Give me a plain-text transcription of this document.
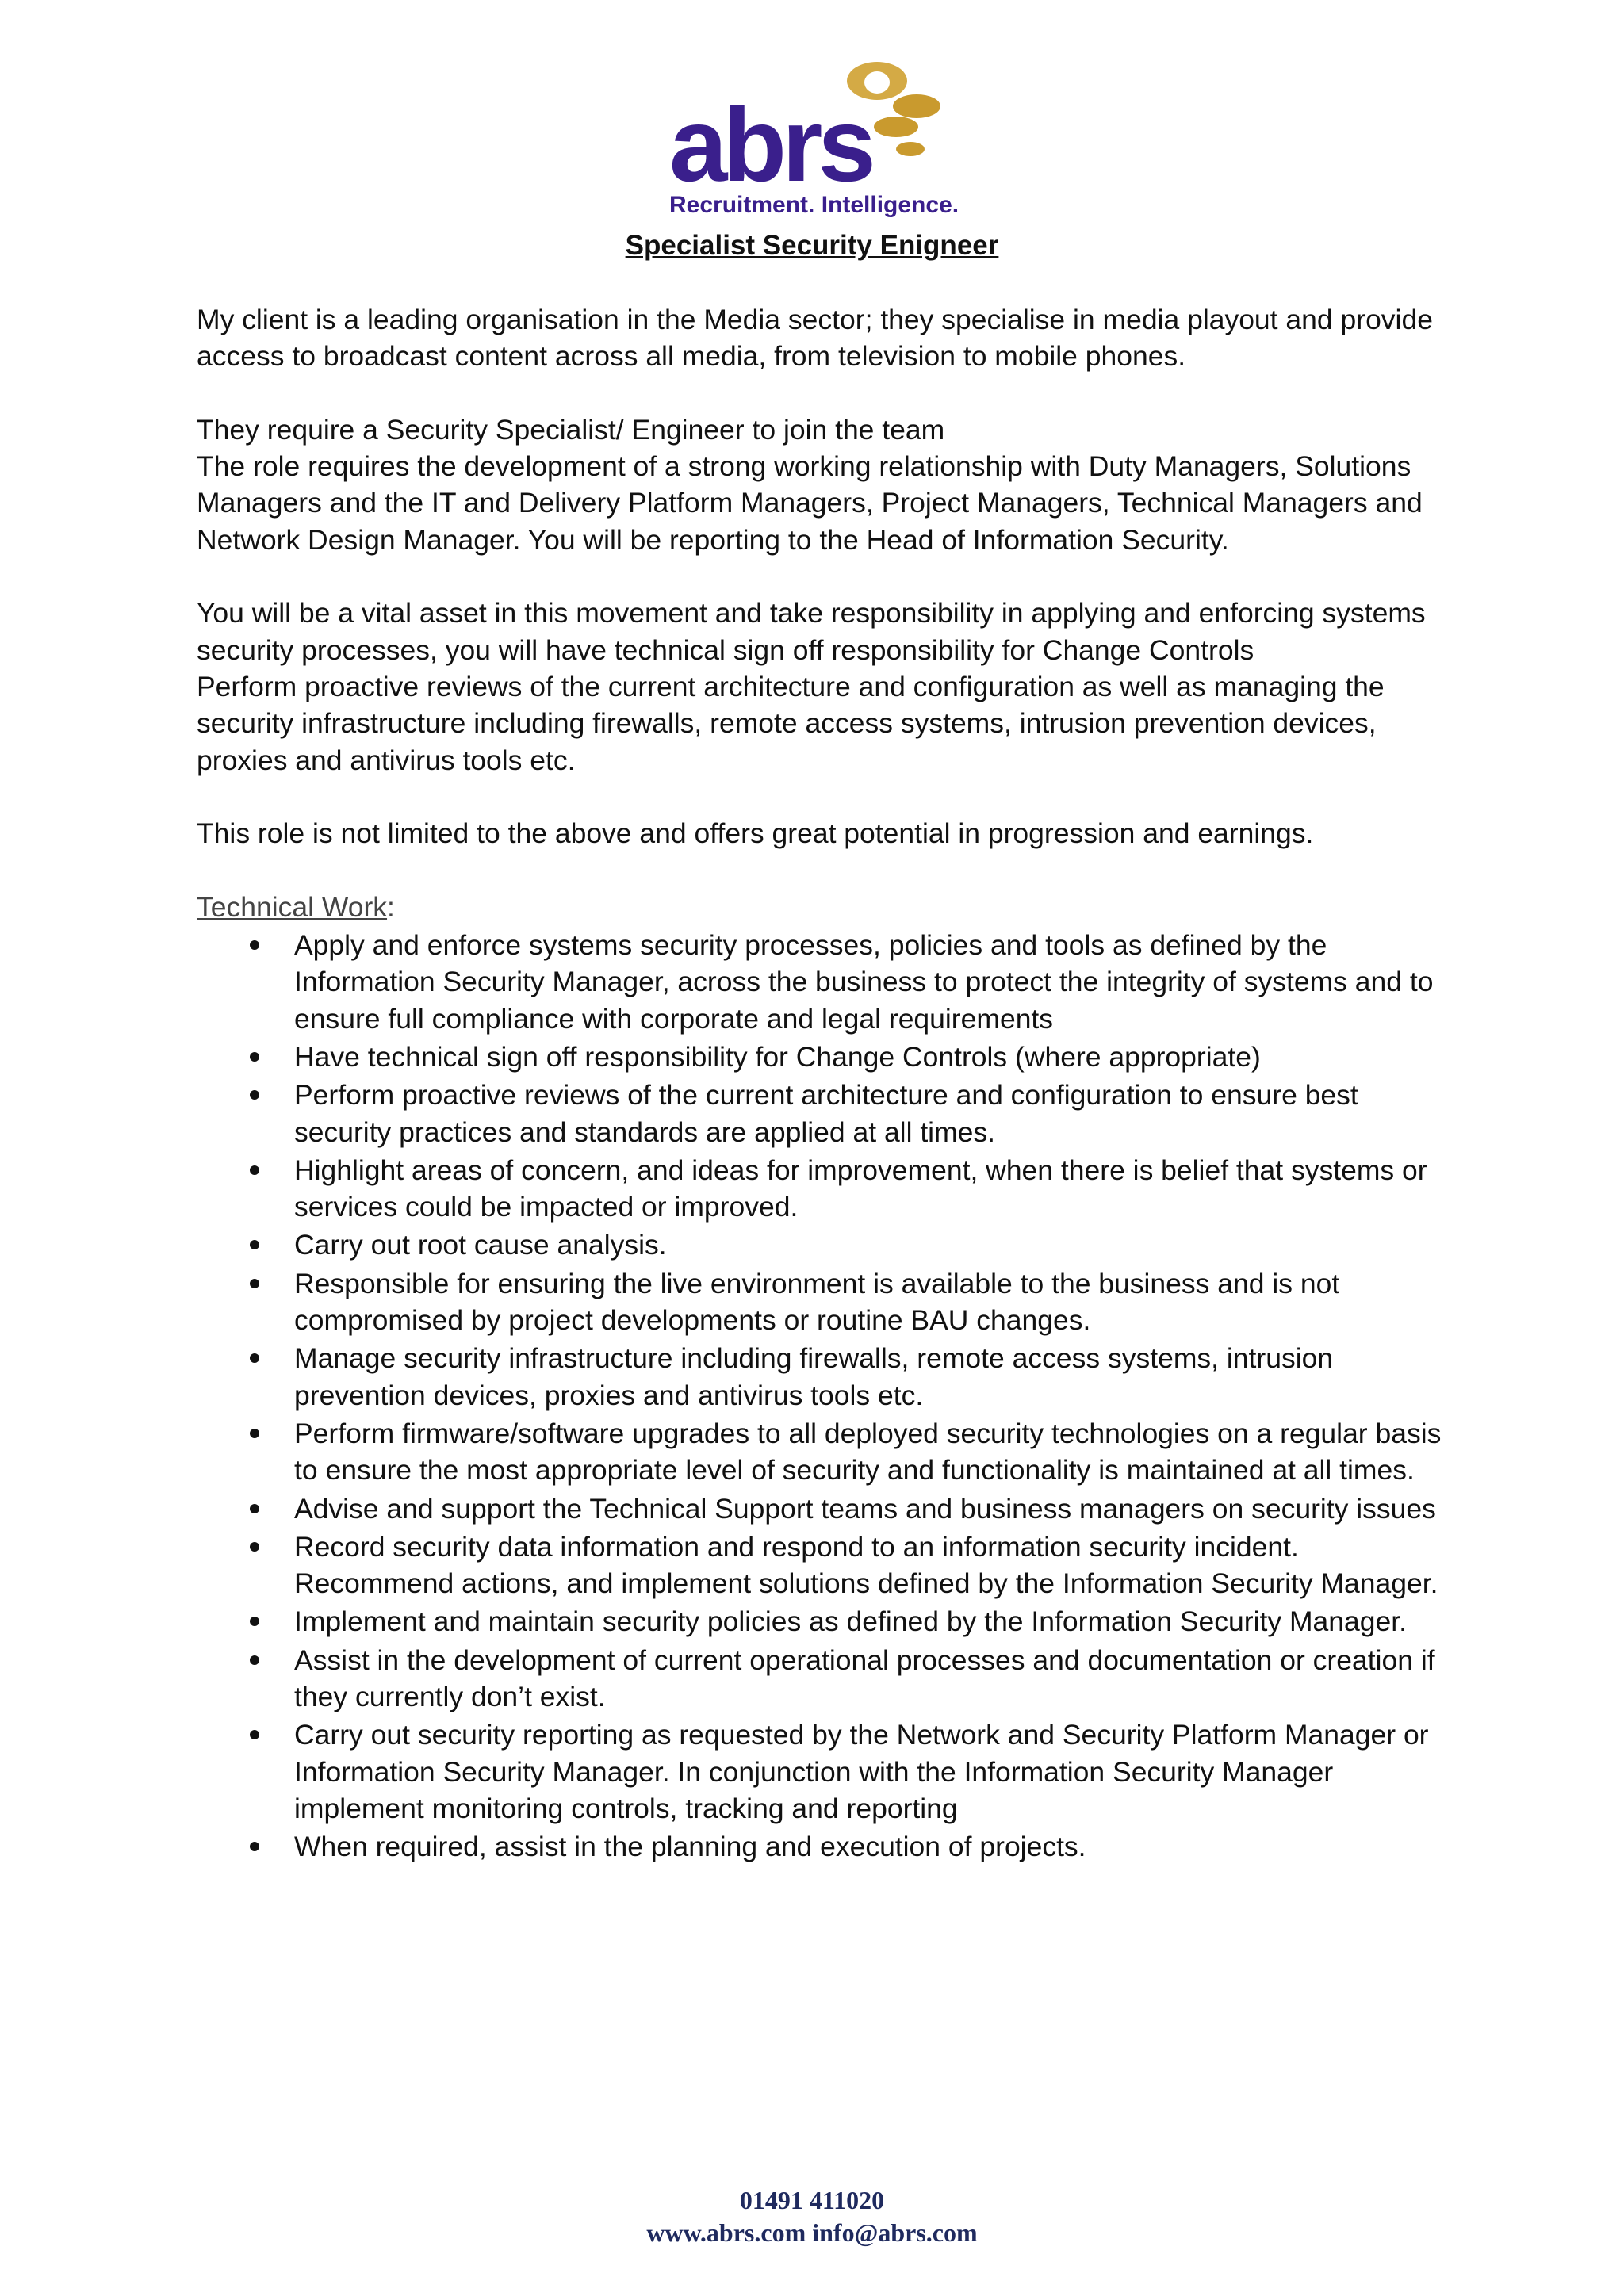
abrs
Recruitment. Intelligence.
Specialist Security Enigneer

My client is a leading organisation in the Media sector; they specialise in media playout and provide
access to broadcast content across all media, from television to mobile phones.

They require a Security Specialist/ Engineer to join the team
The role requires the development of a strong working relationship with Duty Managers, Solutions
Managers and the IT and Delivery Platform Managers, Project Managers, Technical Managers and
Network Design Manager. You will be reporting to the Head of Information Security.

You will be a vital asset in this movement and take responsibility in applying and enforcing systems
security processes, you will have technical sign off responsibility for Change Controls
Perform proactive reviews of the current architecture and configuration as well as managing the
security infrastructure including firewalls, remote access systems, intrusion prevention devices,
proxies and antivirus tools etc.

This role is not limited to the above and offers great potential in progression and earnings.

Technical Work:
Apply and enforce systems security processes, policies and tools as defined by the
Information Security Manager, across the business to protect the integrity of systems and to
ensure full compliance with corporate and legal requirements
Have technical sign off responsibility for Change Controls (where appropriate)
Perform proactive reviews of the current architecture and configuration to ensure best
security practices and standards are applied at all times.
Highlight areas of concern, and ideas for improvement, when there is belief that systems or
services could be impacted or improved.
Carry out root cause analysis.
Responsible for ensuring the live environment is available to the business and is not
compromised by project developments or routine BAU changes.
Manage security infrastructure including firewalls, remote access systems, intrusion
prevention devices, proxies and antivirus tools etc.
Perform firmware/software upgrades to all deployed security technologies on a regular basis
to ensure the most appropriate level of security and functionality is maintained at all times.
Advise and support the Technical Support teams and business managers on security issues
Record security data information and respond to an information security incident.
Recommend actions, and implement solutions defined by the Information Security Manager.
Implement and maintain security policies as defined by the Information Security Manager.
Assist in the development of current operational processes and documentation or creation if
they currently don’t exist.
Carry out security reporting as requested by the Network and Security Platform Manager or
Information Security Manager. In conjunction with the Information Security Manager
implement monitoring controls, tracking and reporting
When required, assist in the planning and execution of projects.
01491 411020
www.abrs.com info@abrs.com
